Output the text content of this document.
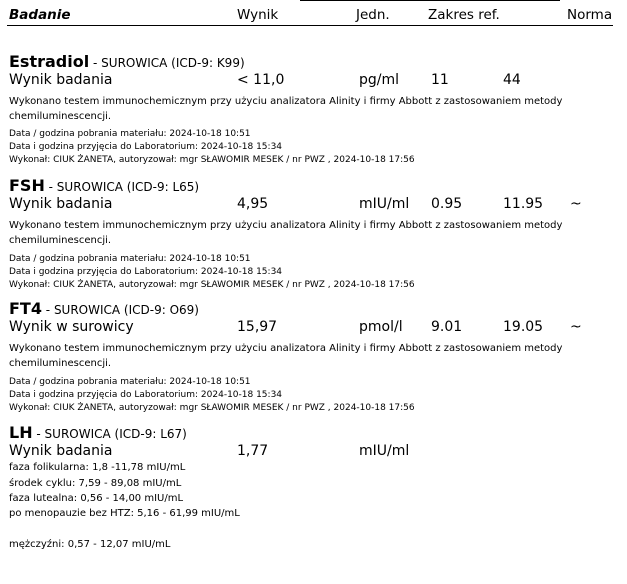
Badanie	Wynik	Jedn.	Zakres ref.	Norma
Estradiol - SUROWICA (ICD-9: K99)
Wynik badania	< 11,0	pg/ml 11	44
Wykonano testem immunochemicznym przy użyciu analizatora Alinity i firmy Abbott z zastosowaniem metody chemiluminescencji.
Data / godzina pobrania materiału: 2024-10-18 10:51
Data i godzina przyjęcia do Laboratorium: 2024-10-18 15:34
Wykonał: CIUK ŻANETA, autoryzował: mgr SŁAWOMIR MESEK / nr PWZ , 2024-10-18 17:56
FSH - SUROWICA (ICD-9: L65)
Wynik badania	4,95	mIU/ml 0.95	11.95 ~
Wykonano testem immunochemicznym przy użyciu analizatora Alinity i firmy Abbott z zastosowaniem metody chemiluminescencji.
Data / godzina pobrania materiału: 2024-10-18 10:51
Data i godzina przyjęcia do Laboratorium: 2024-10-18 15:34
Wykonał: CIUK ŻANETA, autoryzował: mgr SŁAWOMIR MESEK / nr PWZ , 2024-10-18 17:56
FT4 - SUROWICA (ICD-9: O69)
Wynik w surowicy	15,97	pmol/l 9.01	19.05 ~
Wykonano testem immunochemicznym przy użyciu analizatora Alinity i firmy Abbott z zastosowaniem metody chemiluminescencji.
Data / godzina pobrania materiału: 2024-10-18 10:51
Data i godzina przyjęcia do Laboratorium: 2024-10-18 15:34
Wykonał: CIUK ŻANETA, autoryzował: mgr SŁAWOMIR MESEK / nr PWZ , 2024-10-18 17:56
LH - SUROWICA (ICD-9: L67)
Wynik badania	1,77	mIU/ml
faza folikularna: 1,8 -11,78 mIU/mL
środek cyklu: 7,59 - 89,08 mIU/mL
faza lutealna: 0,56 - 14,00 mIU/mL
po menopauzie bez HTZ: 5,16 - 61,99 mIU/mL
mężczyźni: 0,57 - 12,07 mIU/mL
